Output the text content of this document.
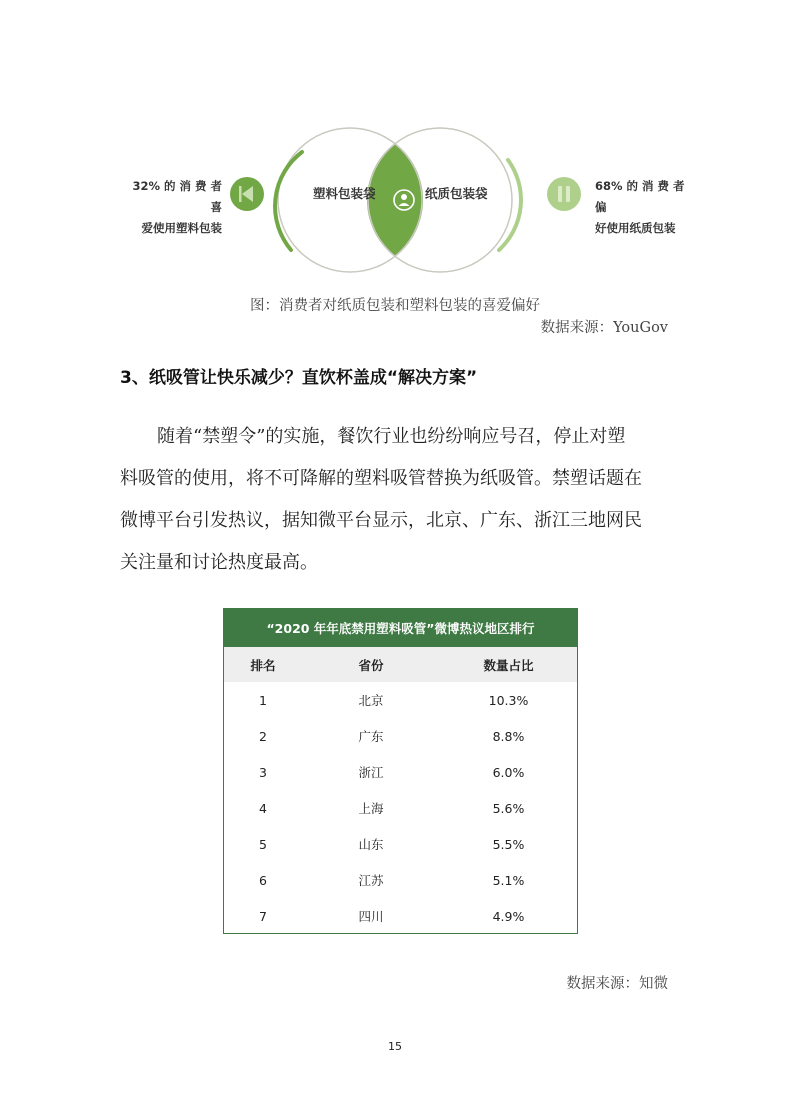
32% 的 消 费 者 喜
爱使用塑料包装
68% 的 消 费 者 偏
好使用纸质包装
塑料包装袋	纸质包装袋
图：消费者对纸质包装和塑料包装的喜爱偏好
数据来源：YouGov
3、纸吸管让快乐减少？直饮杯盖成“解决方案”
随着“禁塑令”的实施，餐饮行业也纷纷响应号召，停止对塑
料吸管的使用，将不可降解的塑料吸管替换为纸吸管。禁塑话题在
微博平台引发热议，据知微平台显示，北京、广东、浙江三地网民
关注量和讨论热度最高。
“2020 年年底禁用塑料吸管”微博热议地区排行
排名	省份	数量占比
1	北京	10.3%
2	广东	8.8%
3	浙江	6.0%
4	上海	5.6%
5	山东	5.5%
6	江苏	5.1%
7	四川	4.9%
数据来源：知微
15
